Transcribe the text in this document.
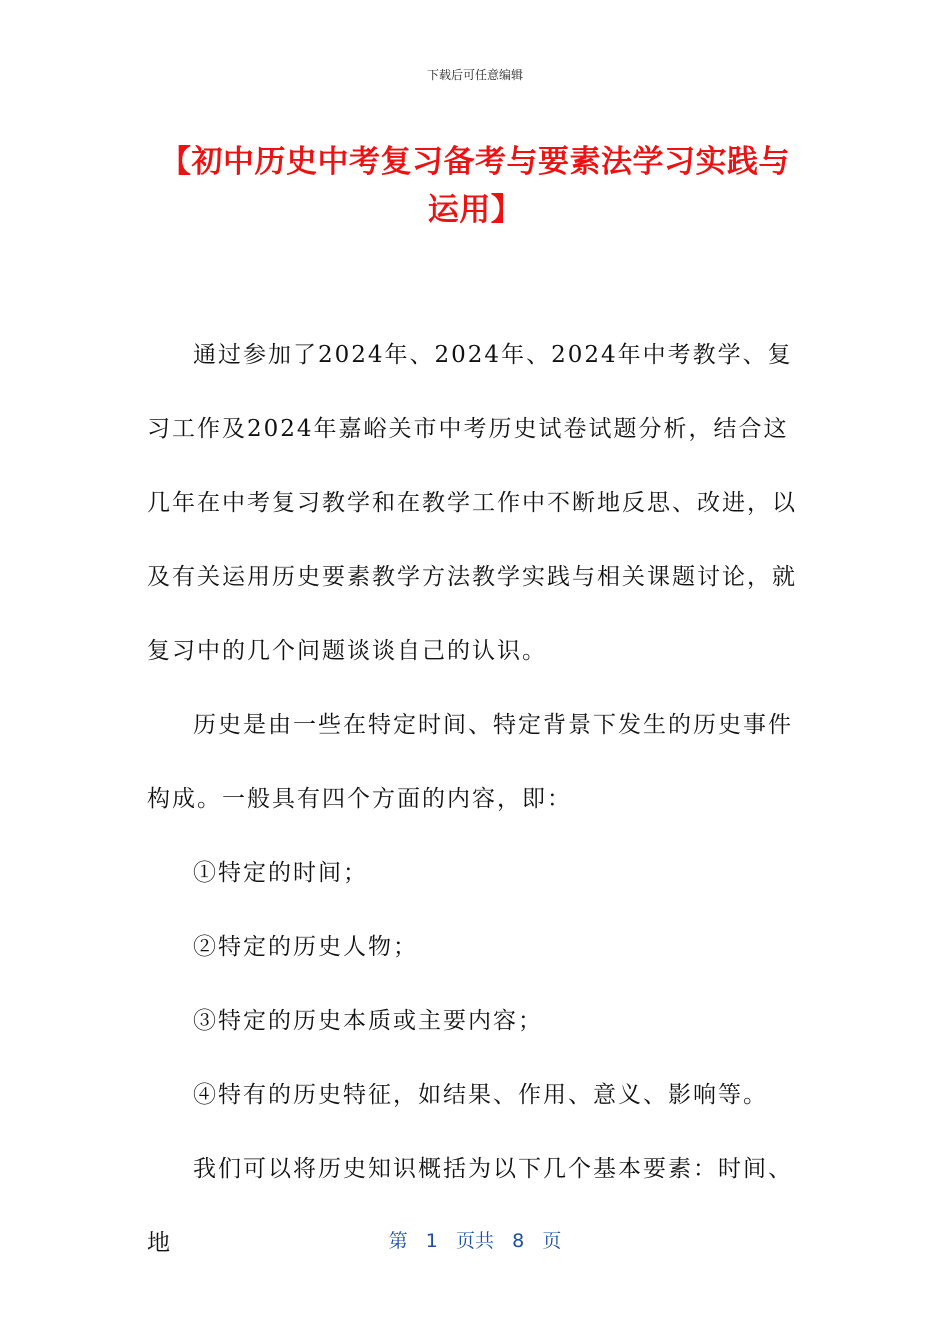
下载后可任意编辑
【初中历史中考复习备考与要素法学习实践与运用】

通过参加了2024年、2024年、2024年中考教学、复习工作及2024年嘉峪关市中考历史试卷试题分析，结合这几年在中考复习教学和在教学工作中不断地反思、改进，以及有关运用历史要素教学方法教学实践与相关课题讨论，就复习中的几个问题谈谈自己的认识。

历史是由一些在特定时间、特定背景下发生的历史事件构成。一般具有四个方面的内容，即：

①特定的时间；

②特定的历史人物；

③特定的历史本质或主要内容；

④特有的历史特征，如结果、作用、意义、影响等。

我们可以将历史知识概括为以下几个基本要素：时间、地	第 1 页共 8 页
